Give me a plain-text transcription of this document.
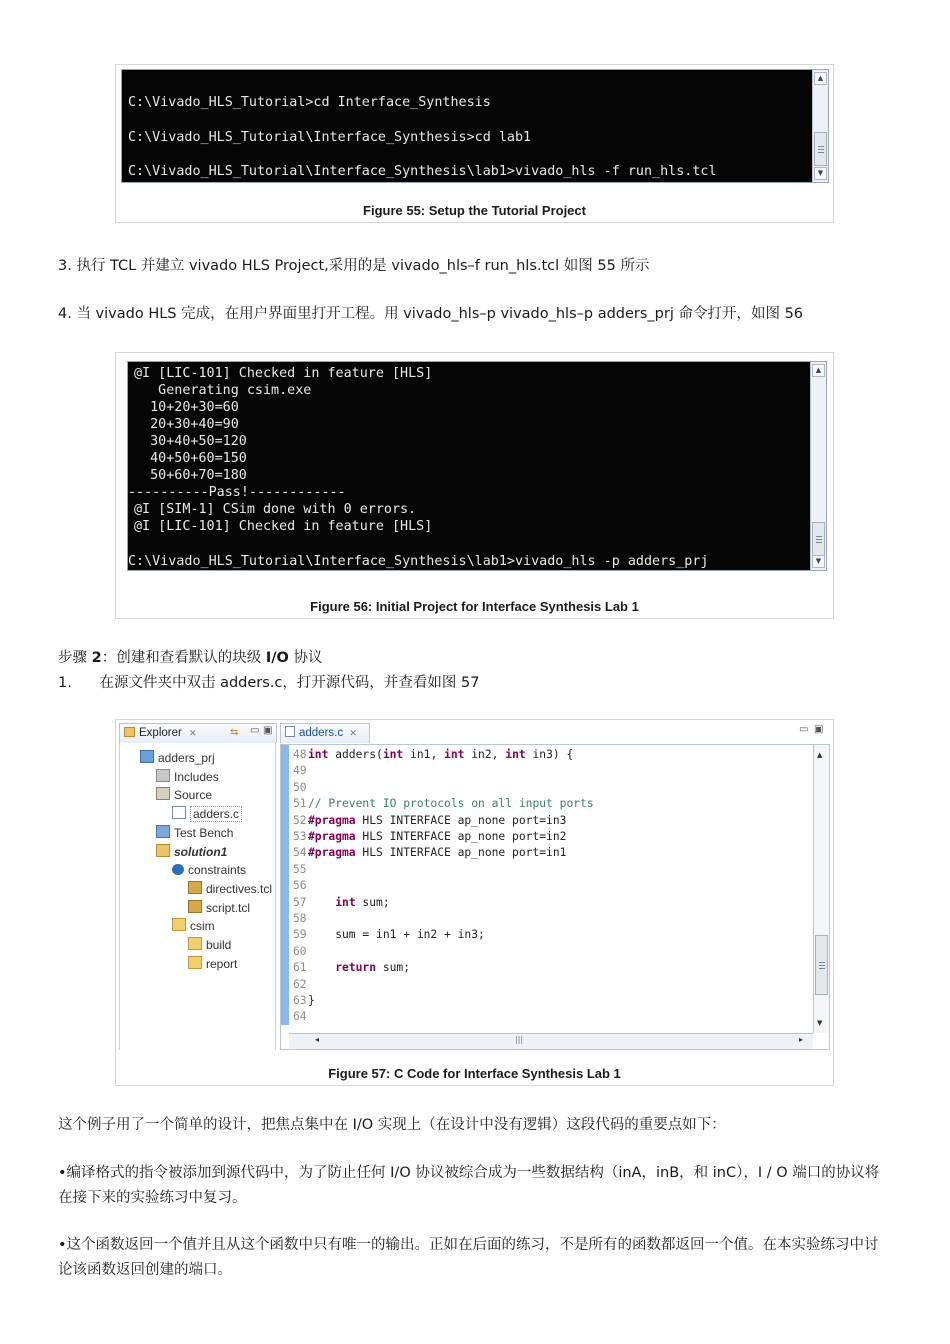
C:\Vivado_HLS_Tutorial>cd Interface_Synthesis
C:\Vivado_HLS_Tutorial\Interface_Synthesis>cd lab1
C:\Vivado_HLS_Tutorial\Interface_Synthesis\lab1>vivado_hls -f run_hls.tcl
▲
▼
Figure 55: Setup the Tutorial Project
3. 执行 TCL 并建立 vivado HLS Project,采用的是 vivado_hls–f run_hls.tcl 如图 55 所示
4. 当 vivado HLS 完成，在用户界面里打开工程。用 vivado_hls–p vivado_hls–p adders_prj 命令打开，如图 56
@I [LIC-101] Checked in feature [HLS]
Generating csim.exe
10+20+30=60
20+30+40=90
30+40+50=120
40+50+60=150
50+60+70=180
----------Pass!------------
@I [SIM-1] CSim done with 0 errors.
@I [LIC-101] Checked in feature [HLS]
C:\Vivado_HLS_Tutorial\Interface_Synthesis\lab1>vivado_hls -p adders_prj
▲
▼
Figure 56: Initial Project for Interface Synthesis Lab 1
步骤 2：创建和查看默认的块级 I/O 协议
1.      在源文件夹中双击 adders.c，打开源代码，并查看如图 57
Explorer ✕	⇆ ▭ ▣
adders_prj
Includes
Source
adders.c
Test Bench
solution1
constraints
directives.tcl
script.tcl
csim
build
report
adders.c ✕	▭ ▣
48int adders(int in1, int in2, int in3) {
49
50
51// Prevent IO protocols on all input ports
52#pragma HLS INTERFACE ap_none port=in3
53#pragma HLS INTERFACE ap_none port=in2
54#pragma HLS INTERFACE ap_none port=in1
55
56
57	int sum;
58
59    sum = in1 + in2 + in3;
60
61	return sum;
62
63}
64
▲
▼
◂	|||	▸
Figure 57: C Code for Interface Synthesis Lab 1
这个例子用了一个简单的设计，把焦点集中在 I/O 实现上（在设计中没有逻辑）这段代码的重要点如下：
•编译格式的指令被添加到源代码中，为了防止任何 I/O 协议被综合成为一些数据结构（inA，inB，和 inC），I / O 端口的协议将在接下来的实验练习中复习。
•这个函数返回一个值并且从这个函数中只有唯一的输出。正如在后面的练习，不是所有的函数都返回一个值。在本实验练习中讨论该函数返回创建的端口。
